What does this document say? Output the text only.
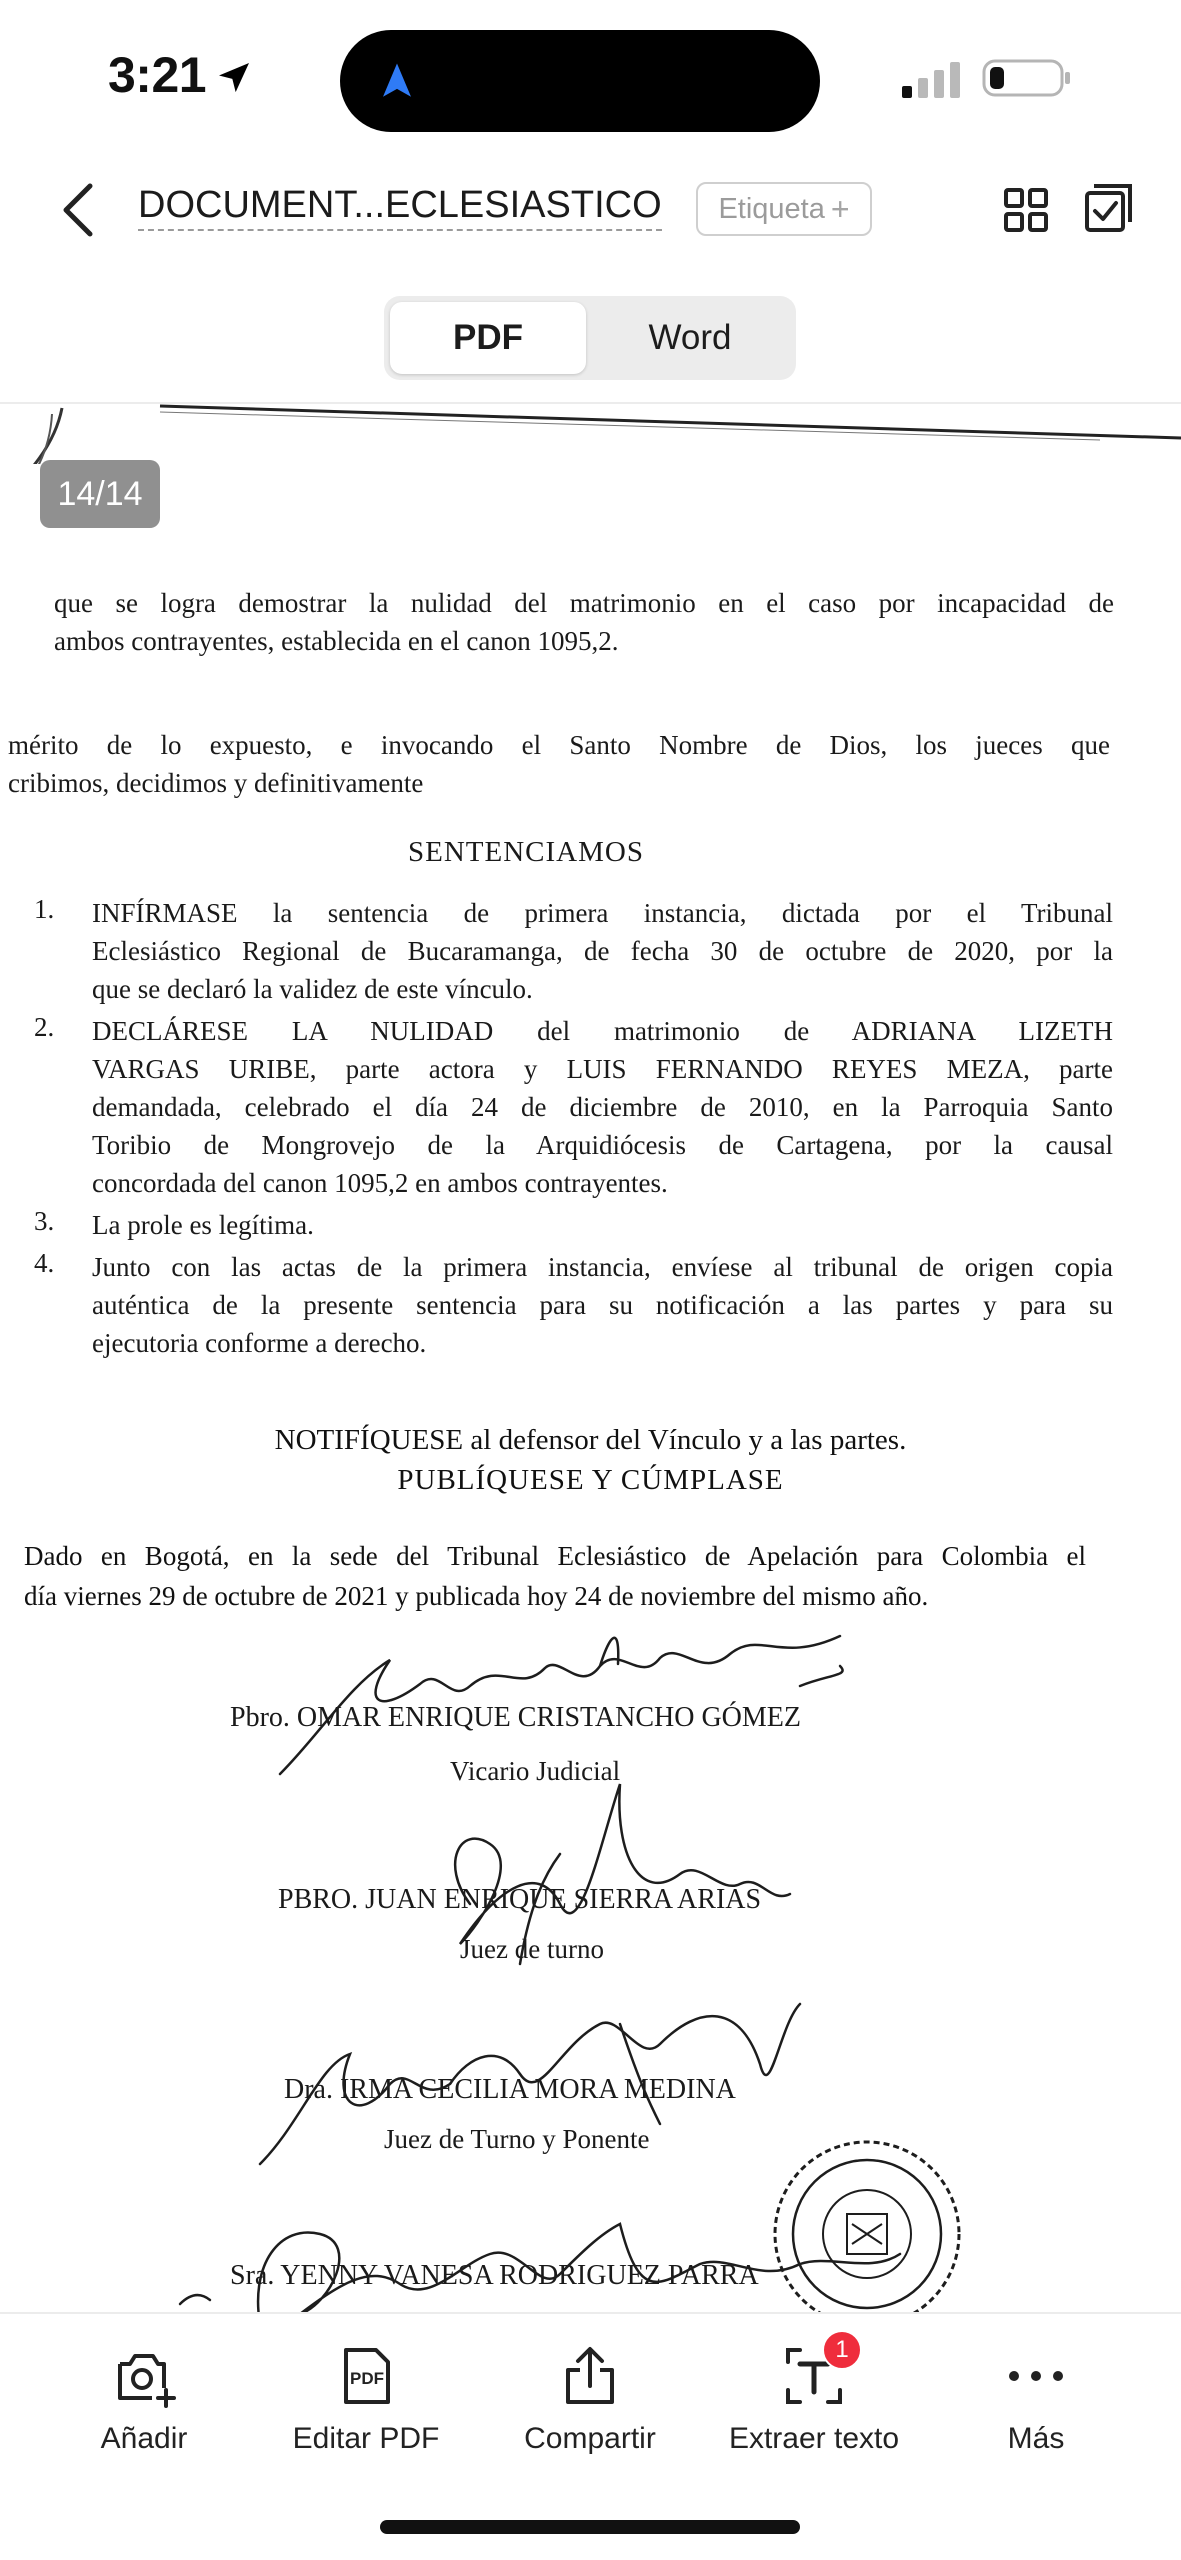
3:21
DOCUMENT...ECLESIASTICO Etiqueta +
PDF	Word
14/14
que se logra demostrar la nulidad del matrimonio en el caso por incapacidad de
ambos contrayentes, establecida en el canon 1095,2.
mérito de lo expuesto, e invocando el Santo Nombre de Dios, los jueces que
cribimos, decidimos y definitivamente
SENTENCIAMOS
1. INFÍRMASE la sentencia de primera instancia, dictada por el Tribunal
Eclesiástico Regional de Bucaramanga, de fecha 30 de octubre de 2020, por la
que se declaró la validez de este vínculo.
2. DECLÁRESE LA NULIDAD del matrimonio de ADRIANA LIZETH
VARGAS URIBE, parte actora y LUIS FERNANDO REYES MEZA, parte
demandada, celebrado el día 24 de diciembre de 2010, en la Parroquia Santo
Toribio de Mongrovejo de la Arquidiócesis de Cartagena, por la causal
concordada del canon 1095,2 en ambos contrayentes.
3. La prole es legítima.
4. Junto con las actas de la primera instancia, envíese al tribunal de origen copia
auténtica de la presente sentencia para su notificación a las partes y para su
ejecutoria conforme a derecho.
NOTIFÍQUESE al defensor del Vínculo y a las partes.
PUBLÍQUESE Y CÚMPLASE
Dado en Bogotá, en la sede del Tribunal Eclesiástico de Apelación para Colombia el
día viernes 29 de octubre de 2021 y publicada hoy 24 de noviembre del mismo año.
Pbro. OMAR ENRIQUE CRISTANCHO GÓMEZ
Vicario Judicial
PBRO. JUAN ENRIQUE SIERRA ARIAS
Juez de turno
Dra. IRMA CECILIA MORA MEDINA
Juez de Turno y Ponente
Sra. YENNY VANESA RODRIGUEZ PARRA
Añadir
PDF
Editar PDF	Compartir
1
Extraer texto	Más
